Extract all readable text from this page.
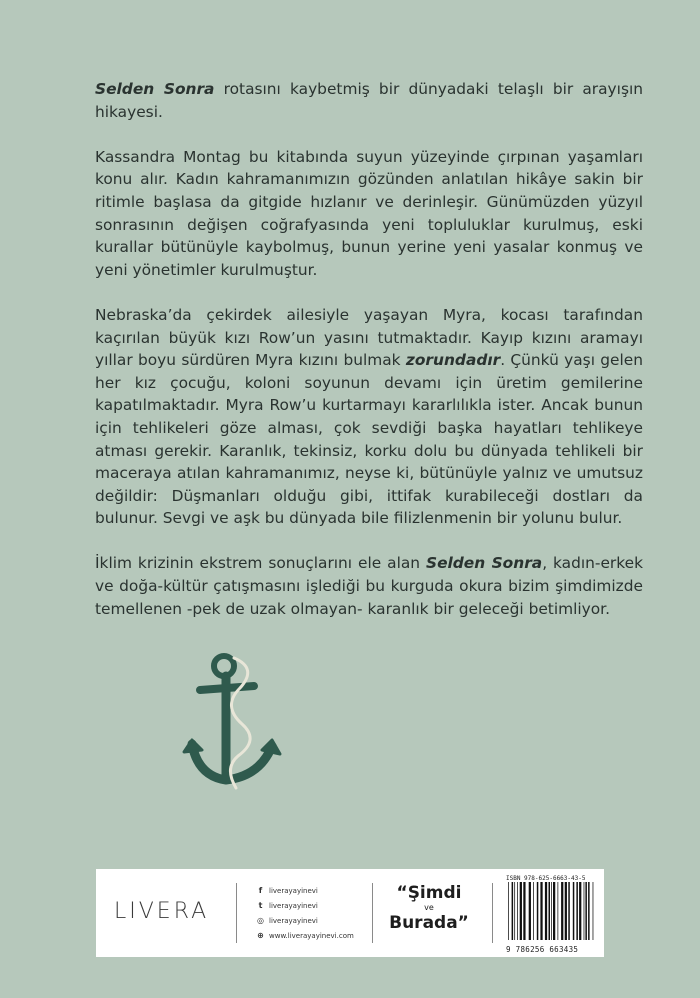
Selden Sonra rotasını kaybetmiş bir dünyadaki telaşlı bir arayışın hikayesi.

Kassandra Montag bu kitabında suyun yüzeyinde çırpınan yaşamları konu alır. Kadın kahramanımızın gözünden anlatılan hikâye sakin bir ritimle başlasa da gitgide hızlanır ve derinleşir. Günümüzden yüzyıl sonrasının değişen coğrafyasında yeni topluluklar kurulmuş, eski kurallar bütünüyle kaybolmuş, bunun yerine yeni yasalar konmuş ve yeni yönetimler kurulmuştur.

Nebraska’da çekirdek ailesiyle yaşayan Myra, kocası tarafından kaçırılan büyük kızı Row’un yasını tutmaktadır. Kayıp kızını aramayı yıllar boyu sürdüren Myra kızını bulmak zorundadır. Çünkü yaşı gelen her kız çocuğu, koloni soyunun devamı için üretim gemilerine kapatılmaktadır. Myra Row’u kurtarmayı kararlılıkla ister. Ancak bunun için tehlikeleri göze alması, çok sevdiği başka hayatları tehlikeye atması gerekir. Karanlık, tekinsiz, korku dolu bu dünyada tehlikeli bir maceraya atılan kahramanımız, neyse ki, bütünüyle yalnız ve umutsuz değildir: Düşmanları olduğu gibi, ittifak kurabileceği dostları da bulunur. Sevgi ve aşk bu dünyada bile filizlenmenin bir yolunu bulur.

İklim krizinin ekstrem sonuçlarını ele alan Selden Sonra, kadın-erkek ve doğa-kültür çatışmasını işlediği bu kurguda okura bizim şimdimizde temellenen -pek de uzak olmayan- karanlık bir geleceği betimliyor.

LIVERA
f liverayayinevi
t liverayayinevi
◎ liverayayinevi
⊕ www.liverayayinevi.com
“Şimdi
ve
Burada”
ISBN 978-625-6663-43-5
9 786256 663435
